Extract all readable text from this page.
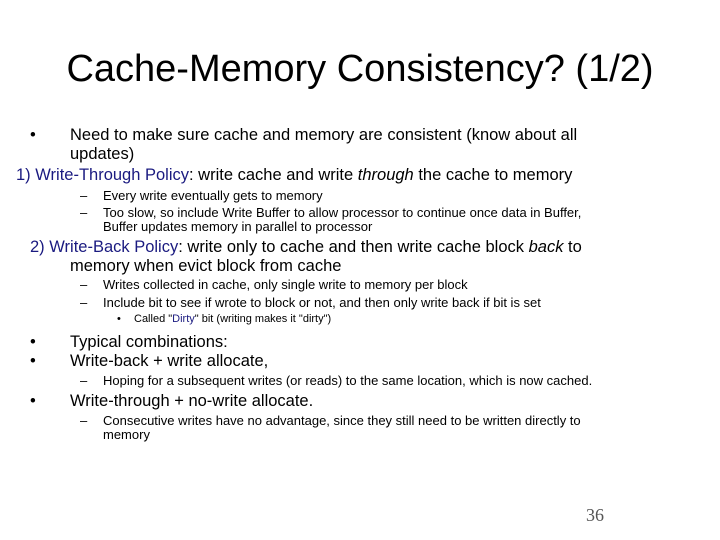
Cache-Memory Consistency? (1/2)
• Need to make sure cache and memory are consistent (know about all
updates)
1) Write-Through Policy: write cache and write through the cache to memory
– Every write eventually gets to memory
– Too slow, so include Write Buffer to allow processor to continue once data in Buffer,
Buffer updates memory in parallel to processor
2) Write-Back Policy: write only to cache and then write cache block back to
memory when evict block from cache
– Writes collected in cache, only single write to memory per block
– Include bit to see if wrote to block or not, and then only write back if bit is set
• Called "Dirty" bit (writing makes it "dirty")
• Typical combinations:
• Write-back + write allocate,
– Hoping for a subsequent writes (or reads) to the same location, which is now cached.
• Write-through + no-write allocate.
– Consecutive writes have no advantage, since they still need to be written directly to
memory
36
